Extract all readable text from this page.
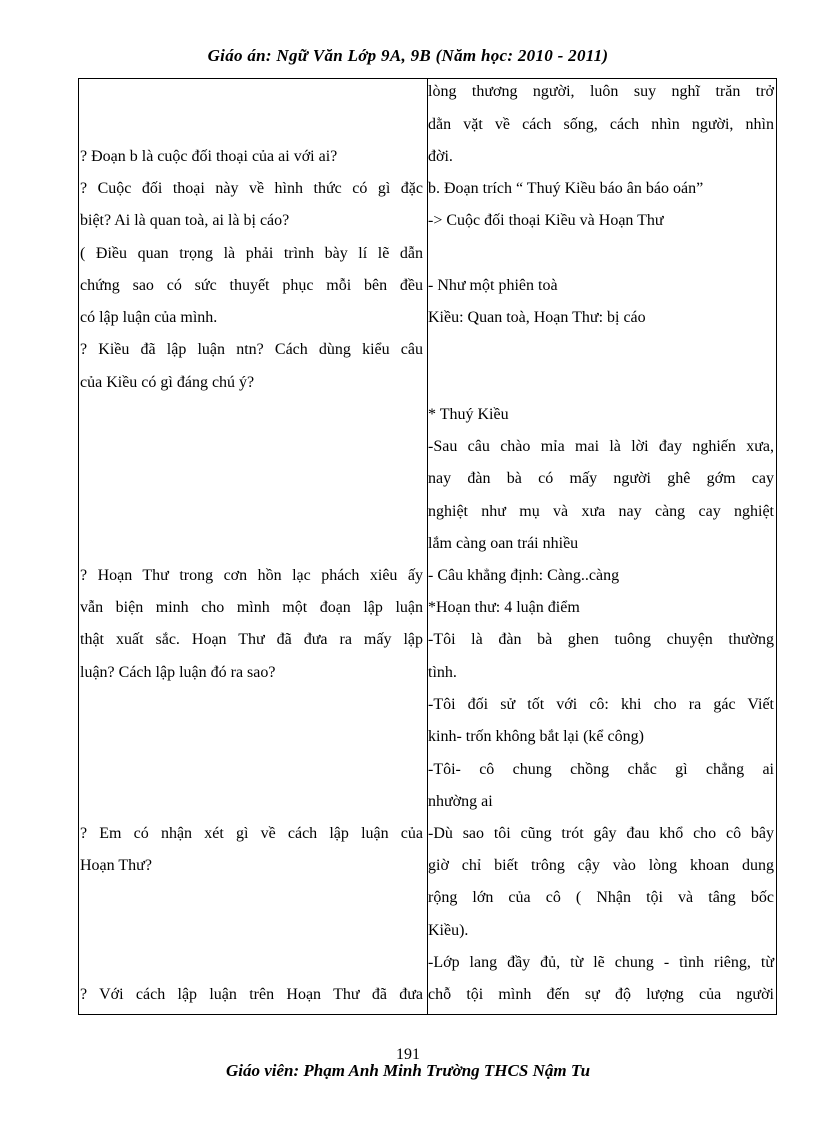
Giáo án: Ngữ Văn Lớp 9A, 9B (Năm học: 2010 - 2011)
? Đoạn b là cuộc đối thoại của ai với ai?
? Cuộc đối thoại này về hình thức có gì đặc
biệt? Ai là quan toà, ai là bị cáo?
( Điều quan trọng là phải trình bày lí lẽ dẫn
chứng sao có sức thuyết phục mỗi bên đều
có lập luận của mình.
? Kiều đã lập luận ntn? Cách dùng kiểu câu
của Kiều có gì đáng chú ý?
? Hoạn Thư trong cơn hồn lạc phách xiêu ấy
vẫn biện minh cho mình một đoạn lập luận
thật xuất sắc. Hoạn Thư đã đưa ra mấy lập
luận? Cách lập luận đó ra sao?
? Em có nhận xét gì về cách lập luận của
Hoạn Thư?
? Với cách lập luận trên Hoạn Thư đã đưa
lòng thương người, luôn suy nghĩ trăn trở
dằn vặt về cách sống, cách nhìn người, nhìn
đời.
b. Đoạn trích “ Thuý Kiều báo ân báo oán”
-> Cuộc đối thoại Kiều và Hoạn Thư
- Như một phiên toà
Kiều: Quan toà, Hoạn Thư: bị cáo
* Thuý Kiều
-Sau câu chào mỉa mai là lời đay nghiến xưa,
nay đàn bà có mấy người ghê gớm cay
nghiệt như mụ và xưa nay càng cay nghiệt
lắm càng oan trái nhiều
- Câu khẳng định: Càng..càng
*Hoạn thư: 4 luận điểm
-Tôi là đàn bà ghen tuông chuyện thường
tình.
-Tôi đối sử tốt với cô: khi cho ra gác Viết
kinh- trốn không bắt lại (kể công)
-Tôi- cô chung chồng chắc gì chẳng ai
nhường ai
-Dù sao tôi cũng trót gây đau khổ cho cô bây
giờ chỉ biết trông cậy vào lòng khoan dung
rộng lớn của cô ( Nhận tội và tâng bốc
Kiều).
-Lớp lang đầy đủ, từ lẽ chung - tình riêng, từ
chỗ tội mình đến sự độ lượng của người
191
Giáo viên: Phạm Anh Minh Trường THCS Nậm Tu
